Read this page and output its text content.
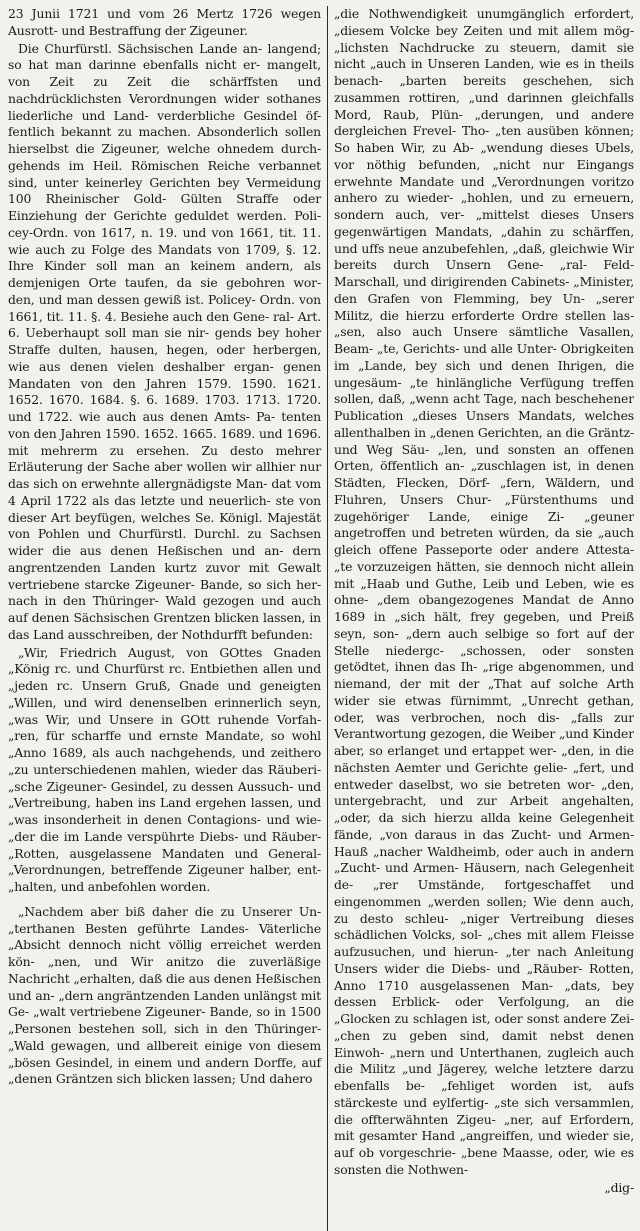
23 Junii 1721 und vom 26 Mertz 1726 wegen Ausrott- und Bestraffung der Zigeuner.

Die Churfürstl. Sächsischen Lande an- langend; so hat man darinne ebenfalls nicht er- mangelt, von Zeit zu Zeit die schärffsten und nachdrücklichsten Verordnungen wider sothanes liederliche und Land- verderbliche Gesindel öf- fentlich bekannt zu machen. Absonderlich sollen hierselbst die Zigeuner, welche ohnedem durch- gehends im Heil. Römischen Reiche verbannet sind, unter keinerley Gerichten bey Vermeidung 100 Rheinischer Gold- Gülten Straffe oder Einziehung der Gerichte geduldet werden. Poli- cey-Ordn. von 1617, n. 19. und von 1661, tit. 11. wie auch zu Folge des Mandats von 1709, §. 12. Ihre Kinder soll man an keinem andern, als demjenigen Orte taufen, da sie gebohren wor- den, und man dessen gewiß ist. Policey- Ordn. von 1661, tit. 11. §. 4. Besiehe auch den Gene- ral- Art. 6. Ueberhaupt soll man sie nir- gends bey hoher Straffe dulten, hausen, hegen, oder herbergen, wie aus denen vielen deshalber ergan- genen Mandaten von den Jahren 1579. 1590. 1621. 1652. 1670. 1684. §. 6. 1689. 1703. 1713. 1720. und 1722. wie auch aus denen Amts- Pa- tenten von den Jahren 1590. 1652. 1665. 1689. und 1696. mit mehrerm zu ersehen. Zu desto mehrer Erläuterung der Sache aber wollen wir allhier nur das sich on erwehnte allergnädigste Man- dat vom 4 April 1722 als das letzte und neuerlich- ste von dieser Art beyfügen, welches Se. Königl. Majestät von Pohlen und Churfürstl. Durchl. zu Sachsen wider die aus denen Heßischen und an- dern angrentzenden Landen kurtz zuvor mit Gewalt vertriebene starcke Zigeuner- Bande, so sich her- nach in den Thüringer- Wald gezogen und auch auf denen Sächsischen Grentzen blicken lassen, in das Land ausschreiben, der Nothdurfft befunden:

„Wir, Friedrich August, von GOttes Gnaden „König rc. und Churfürst rc. Entbiethen allen und „jeden rc. Unsern Gruß, Gnade und geneigten „Willen, und wird denenselben erinnerlich seyn, „was Wir, und Unsere in GOtt ruhende Vorfah- „ren, für scharffe und ernste Mandate, so wohl „Anno 1689, als auch nachgehends, und zeithero „zu unterschiedenen mahlen, wieder das Räuberi- „sche Zigeuner- Gesindel, zu dessen Aussuch- und „Vertreibung, haben ins Land ergehen lassen, und „was insonderheit in denen Contagions- und wie- „der die im Lande verspührte Diebs- und Räuber- „Rotten, ausgelassene Mandaten und General- „Verordnungen, betreffende Zigeuner halber, ent- „halten, und anbefohlen worden.

„Nachdem aber biß daher die zu Unserer Un- „terthanen Besten geführte Landes- Väterliche „Absicht dennoch nicht völlig erreichet werden kön- „nen, und Wir anitzo die zuverläßige Nachricht „erhalten, daß die aus denen Heßischen und an- „dern angräntzenden Landen unlängst mit Ge- „walt vertriebene Zigeuner- Bande, so in 1500 „Personen bestehen soll, sich in den Thüringer- „Wald gewagen, und allbereit einige von diesem „bösen Gesindel, in einem und andern Dorffe, auf „denen Gräntzen sich blicken lassen; Und dahero

„die Nothwendigkeit unumgänglich erfordert, „diesem Volcke bey Zeiten und mit allem mög- „lichsten Nachdrucke zu steuern, damit sie nicht „auch in Unseren Landen, wie es in theils benach- „barten bereits geschehen, sich zusammen rottiren, „und darinnen gleichfalls Mord, Raub, Plün- „derungen, und andere dergleichen Frevel- Tho- „ten ausüben können; So haben Wir, zu Ab- „wendung dieses Ubels, vor nöthig befunden, „nicht nur Eingangs erwehnte Mandate und „Verordnungen voritzo anhero zu wieder- „hohlen, und zu erneuern, sondern auch, ver- „mittelst dieses Unsers gegenwärtigen Mandats, „dahin zu schärffen, und uffs neue anzubefehlen, „daß, gleichwie Wir bereits durch Unsern Gene- „ral- Feld- Marschall, und dirigirenden Cabinets- „Minister, den Grafen von Flemming, bey Un- „serer Militz, die hierzu erforderte Ordre stellen las- „sen, also auch Unsere sämtliche Vasallen, Beam- „te, Gerichts- und alle Unter- Obrigkeiten im „Lande, bey sich und denen Ihrigen, die ungesäum- „te hinlängliche Verfügung treffen sollen, daß, „wenn acht Tage, nach beschehener Publication „dieses Unsers Mandats, welches allenthalben in „denen Gerichten, an die Gräntz- und Weg Säu- „len, und sonsten an offenen Orten, öffentlich an- „zuschlagen ist, in denen Städten, Flecken, Dörf- „fern, Wäldern, und Fluhren, Unsers Chur- „Fürstenthums und zugehöriger Lande, einige Zi- „geuner angetroffen und betreten würden, da sie „auch gleich offene Passeporte oder andere Attesta- „te vorzuzeigen hätten, sie dennoch nicht allein mit „Haab und Guthe, Leib und Leben, wie es ohne- „dem obangezogenes Mandat de Anno 1689 in „sich hält, frey gegeben, und Preiß seyn, son- „dern auch selbige so fort auf der Stelle niedergc- „schossen, oder sonsten getödtet, ihnen das Ih- „rige abgenommen, und niemand, der mit der „That auf solche Arth wider sie etwas fürnimmt, „Unrecht gethan, oder, was verbrochen, noch dis- „falls zur Verantwortung gezogen, die Weiber „und Kinder aber, so erlanget und ertappet wer- „den, in die nächsten Aemter und Gerichte gelie- „fert, und entweder daselbst, wo sie betreten wor- „den, untergebracht, und zur Arbeit angehalten, „oder, da sich hierzu allda keine Gelegenheit fände, „von daraus in das Zucht- und Armen- Hauß „nacher Waldheimb, oder auch in andern „Zucht- und Armen- Häusern, nach Gelegenheit de- „rer Umstände, fortgeschaffet und eingenommen „werden sollen; Wie denn auch, zu desto schleu- „niger Vertreibung dieses schädlichen Volcks, sol- „ches mit allem Fleisse aufzusuchen, und hierun- „ter nach Anleitung Unsers wider die Diebs- und „Räuber- Rotten, Anno 1710 ausgelassenen Man- „dats, bey dessen Erblick- oder Verfolgung, an die „Glocken zu schlagen ist, oder sonst andere Zei- „chen zu geben sind, damit nebst denen Einwoh- „nern und Unterthanen, zugleich auch die Militz „und Jägerey, welche letztere darzu ebenfalls be- „fehliget worden ist, aufs stärckeste und eylfertig- „ste sich versammlen, die offterwähnten Zigeu- „ner, auf Erfordern, mit gesamter Hand „angreiffen, und wieder sie, auf ob vorgeschrie- „bene Maasse, oder, wie es sonsten die Nothwen-

„dig-
